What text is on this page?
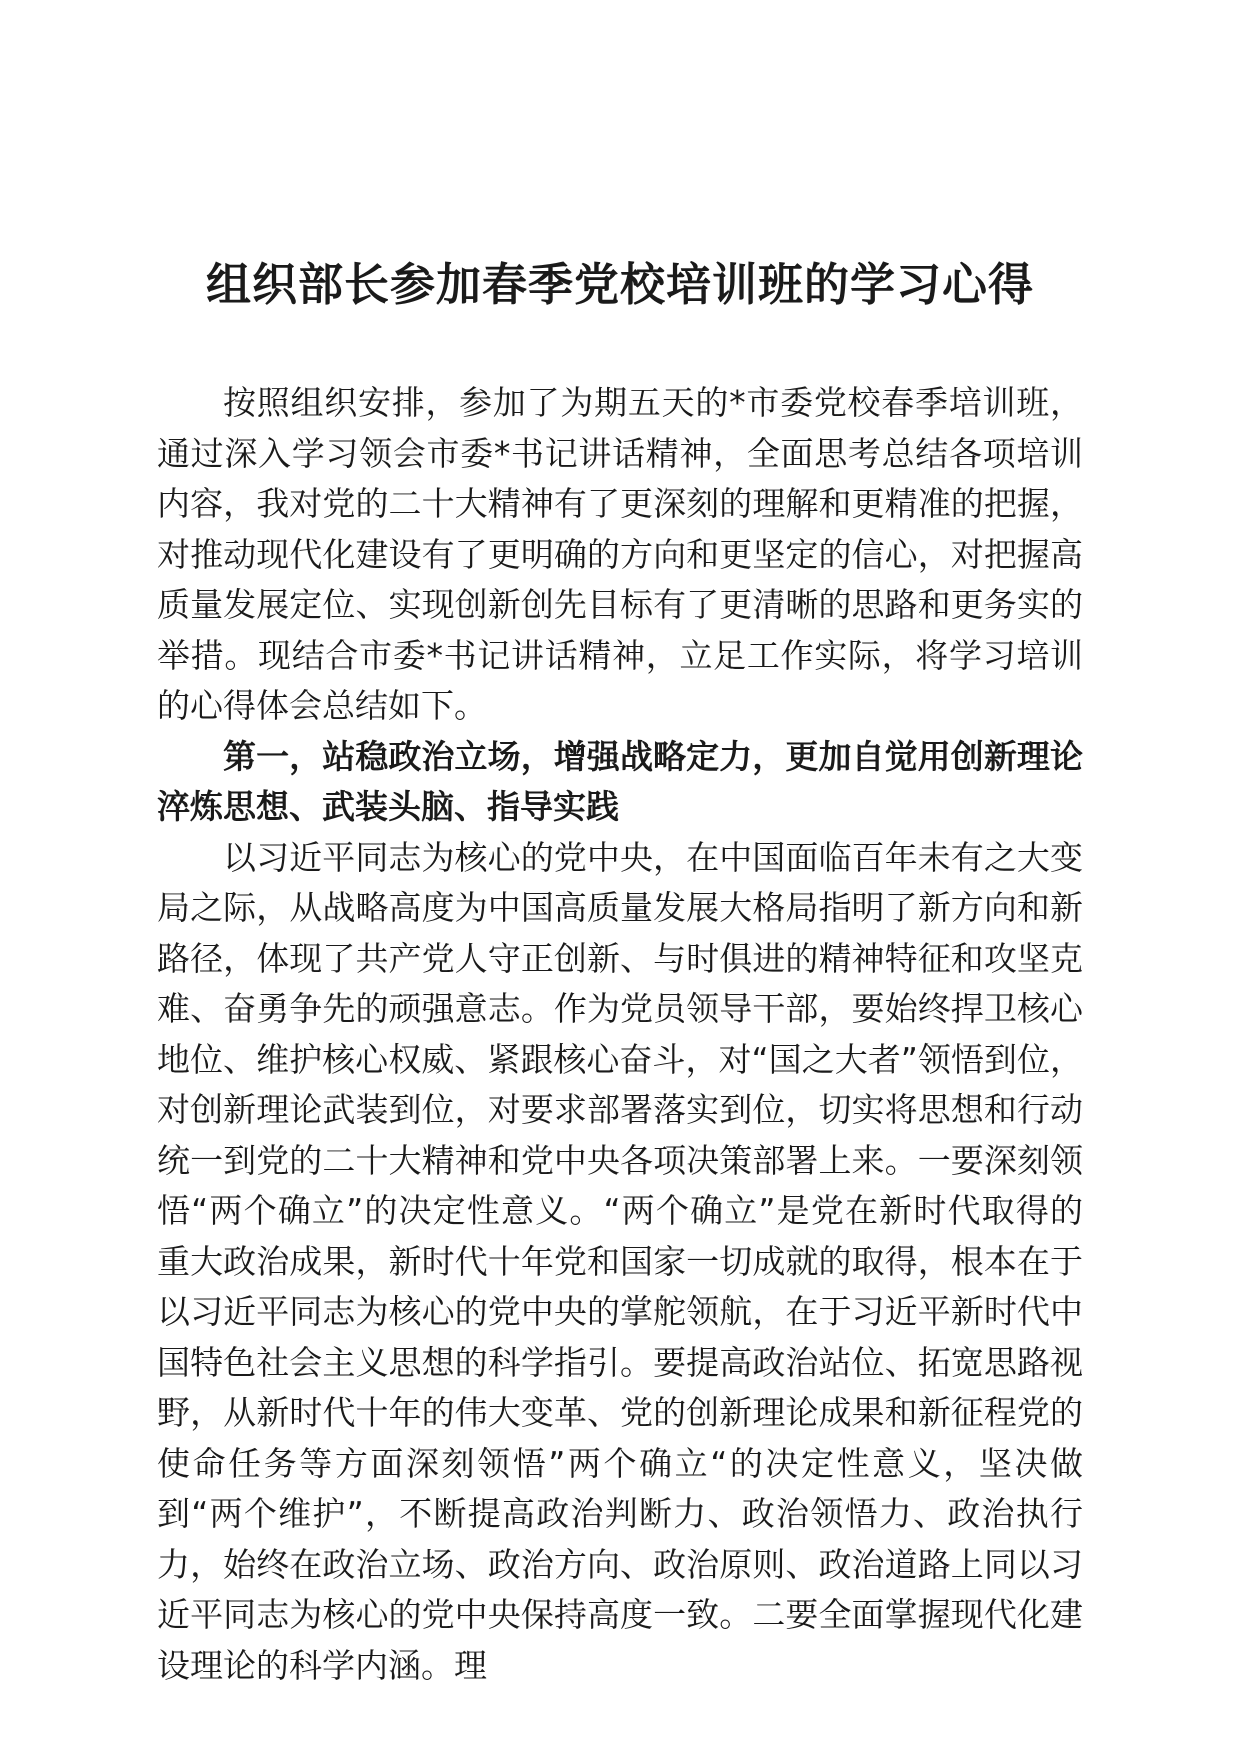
组织部长参加春季党校培训班的学习心得

按照组织安排，参加了为期五天的*市委党校春季培训班，通过深入学习领会市委*书记讲话精神，全面思考总结各项培训内容，我对党的二十大精神有了更深刻的理解和更精准的把握，对推动现代化建设有了更明确的方向和更坚定的信心，对把握高质量发展定位、实现创新创先目标有了更清晰的思路和更务实的举措。现结合市委*书记讲话精神，立足工作实际，将学习培训的心得体会总结如下。

第一，站稳政治立场，增强战略定力，更加自觉用创新理论淬炼思想、武装头脑、指导实践

以习近平同志为核心的党中央，在中国面临百年未有之大变局之际，从战略高度为中国高质量发展大格局指明了新方向和新路径，体现了共产党人守正创新、与时俱进的精神特征和攻坚克难、奋勇争先的顽强意志。作为党员领导干部，要始终捍卫核心地位、维护核心权威、紧跟核心奋斗，对“国之大者”领悟到位，对创新理论武装到位，对要求部署落实到位，切实将思想和行动统一到党的二十大精神和党中央各项决策部署上来。一要深刻领悟“两个确立”的决定性意义。“两个确立”是党在新时代取得的重大政治成果，新时代十年党和国家一切成就的取得，根本在于以习近平同志为核心的党中央的掌舵领航，在于习近平新时代中国特色社会主义思想的科学指引。要提高政治站位、拓宽思路视野，从新时代十年的伟大变革、党的创新理论成果和新征程党的使命任务等方面深刻领悟”两个确立“的决定性意义，坚决做到“两个维护”，不断提高政治判断力、政治领悟力、政治执行力，始终在政治立场、政治方向、政治原则、政治道路上同以习近平同志为核心的党中央保持高度一致。二要全面掌握现代化建设理论的科学内涵。理
